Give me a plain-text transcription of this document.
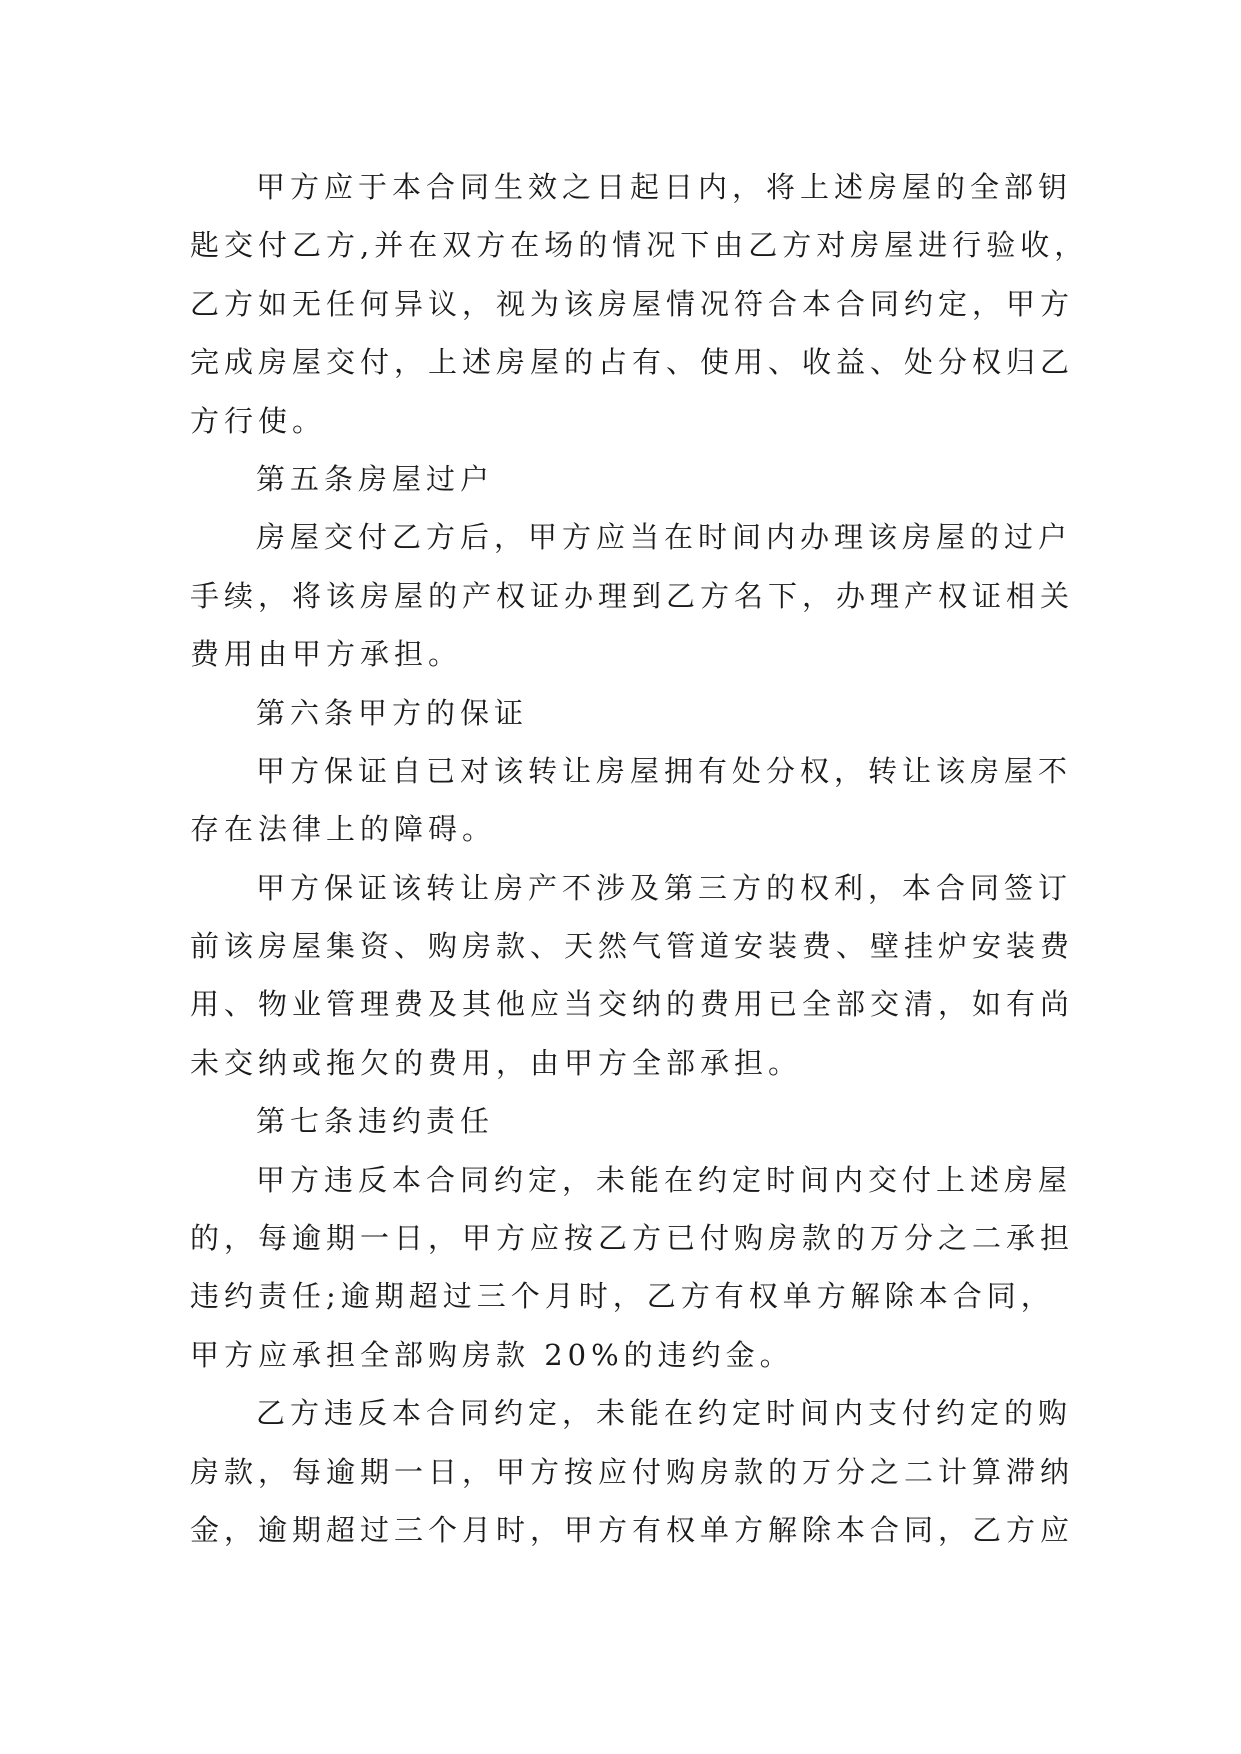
甲方应于本合同生效之日起日内，将上述房屋的全部钥
匙交付乙方,并在双方在场的情况下由乙方对房屋进行验收，
乙方如无任何异议，视为该房屋情况符合本合同约定，甲方
完成房屋交付，上述房屋的占有、使用、收益、处分权归乙
方行使。
第五条房屋过户
房屋交付乙方后，甲方应当在时间内办理该房屋的过户
手续，将该房屋的产权证办理到乙方名下，办理产权证相关
费用由甲方承担。
第六条甲方的保证
甲方保证自已对该转让房屋拥有处分权，转让该房屋不
存在法律上的障碍。
甲方保证该转让房产不涉及第三方的权利，本合同签订
前该房屋集资、购房款、天然气管道安装费、壁挂炉安装费
用、物业管理费及其他应当交纳的费用已全部交清，如有尚
未交纳或拖欠的费用，由甲方全部承担。
第七条违约责任
甲方违反本合同约定，未能在约定时间内交付上述房屋
的，每逾期一日，甲方应按乙方已付购房款的万分之二承担
违约责任;逾期超过三个月时，乙方有权单方解除本合同，
甲方应承担全部购房款 20%的违约金。
乙方违反本合同约定，未能在约定时间内支付约定的购
房款，每逾期一日，甲方按应付购房款的万分之二计算滞纳
金，逾期超过三个月时，甲方有权单方解除本合同，乙方应
